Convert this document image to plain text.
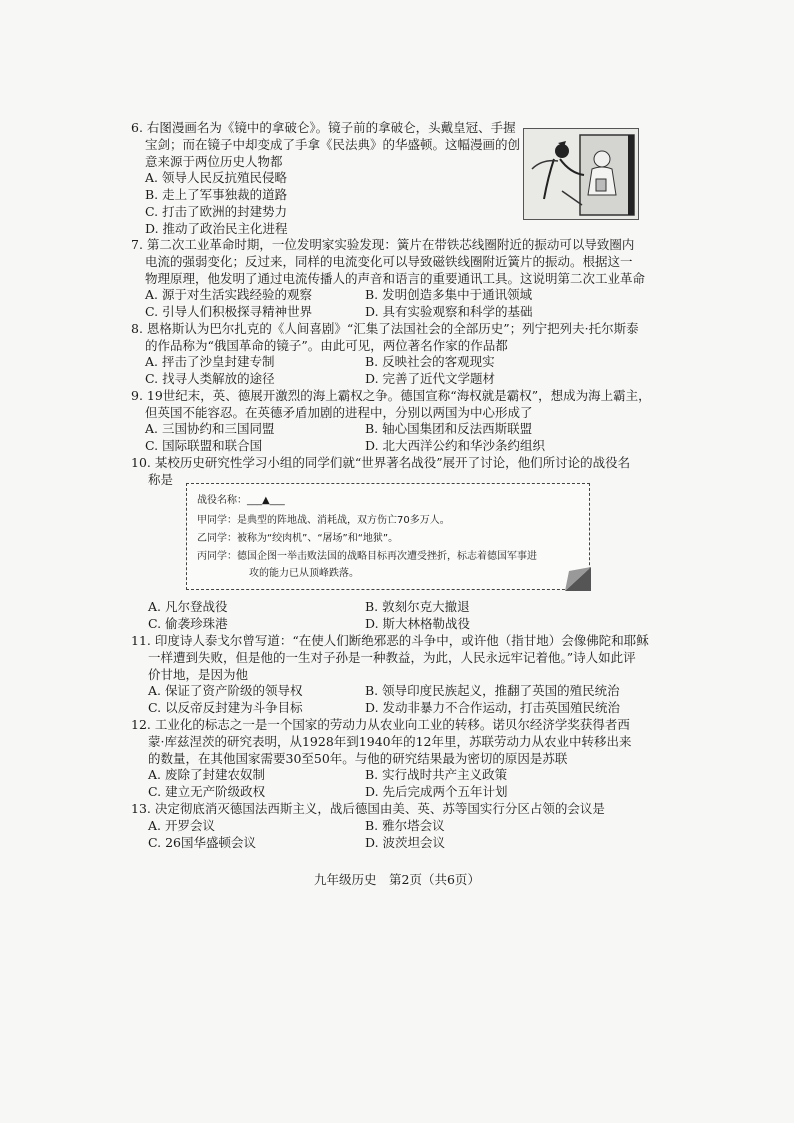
6. 右图漫画名为《镜中的拿破仑》。镜子前的拿破仑，头戴皇冠、手握
宝剑；而在镜子中却变成了手拿《民法典》的华盛顿。这幅漫画的创
意来源于两位历史人物都
A. 领导人民反抗殖民侵略
B. 走上了军事独裁的道路
C. 打击了欧洲的封建势力
D. 推动了政治民主化进程
7. 第二次工业革命时期，一位发明家实验发现：簧片在带铁芯线圈附近的振动可以导致圈内
电流的强弱变化；反过来，同样的电流变化可以导致磁铁线圈附近簧片的振动。根据这一
物理原理，他发明了通过电流传播人的声音和语言的重要通讯工具。这说明第二次工业革命
A. 源于对生活实践经验的观察	B. 发明创造多集中于通讯领域
C. 引导人们积极探寻精神世界	D. 具有实验观察和科学的基础
8. 恩格斯认为巴尔扎克的《人间喜剧》“汇集了法国社会的全部历史”；列宁把列夫·托尔斯泰
的作品称为“俄国革命的镜子”。由此可见，两位著名作家的作品都
A. 抨击了沙皇封建专制	B. 反映社会的客观现实
C. 找寻人类解放的途径	D. 完善了近代文学题材
9. 19世纪末，英、德展开激烈的海上霸权之争。德国宣称“海权就是霸权”，想成为海上霸主，
但英国不能容忍。在英德矛盾加剧的进程中，分别以两国为中心形成了
A. 三国协约和三国同盟	B. 轴心国集团和反法西斯联盟
C. 国际联盟和联合国	D. 北大西洋公约和华沙条约组织
10. 某校历史研究性学习小组的同学们就“世界著名战役”展开了讨论，他们所讨论的战役名
称是
战役名称：___▲___
甲同学：是典型的阵地战、消耗战，双方伤亡70多万人。
乙同学：被称为“绞肉机”、“屠场”和“地狱”。
丙同学：德国企图一举击败法国的战略目标再次遭受挫折，标志着德国军事进
攻的能力已从顶峰跌落。
A. 凡尔登战役	B. 敦刻尔克大撤退
C. 偷袭珍珠港	D. 斯大林格勒战役
11. 印度诗人泰戈尔曾写道：“在使人们断绝邪恶的斗争中，或许他（指甘地）会像佛陀和耶稣
一样遭到失败，但是他的一生对子孙是一种教益，为此，人民永远牢记着他。”诗人如此评
价甘地，是因为他
A. 保证了资产阶级的领导权	B. 领导印度民族起义，推翻了英国的殖民统治
C. 以反帝反封建为斗争目标	D. 发动非暴力不合作运动，打击英国殖民统治
12. 工业化的标志之一是一个国家的劳动力从农业向工业的转移。诺贝尔经济学奖获得者西
蒙·库兹涅茨的研究表明，从1928年到1940年的12年里，苏联劳动力从农业中转移出来
的数量，在其他国家需要30至50年。与他的研究结果最为密切的原因是苏联
A. 废除了封建农奴制	B. 实行战时共产主义政策
C. 建立无产阶级政权	D. 先后完成两个五年计划
13. 决定彻底消灭德国法西斯主义，战后德国由美、英、苏等国实行分区占领的会议是
A. 开罗会议	B. 雅尔塔会议
C. 26国华盛顿会议	D. 波茨坦会议
九年级历史　第2页（共6页）
